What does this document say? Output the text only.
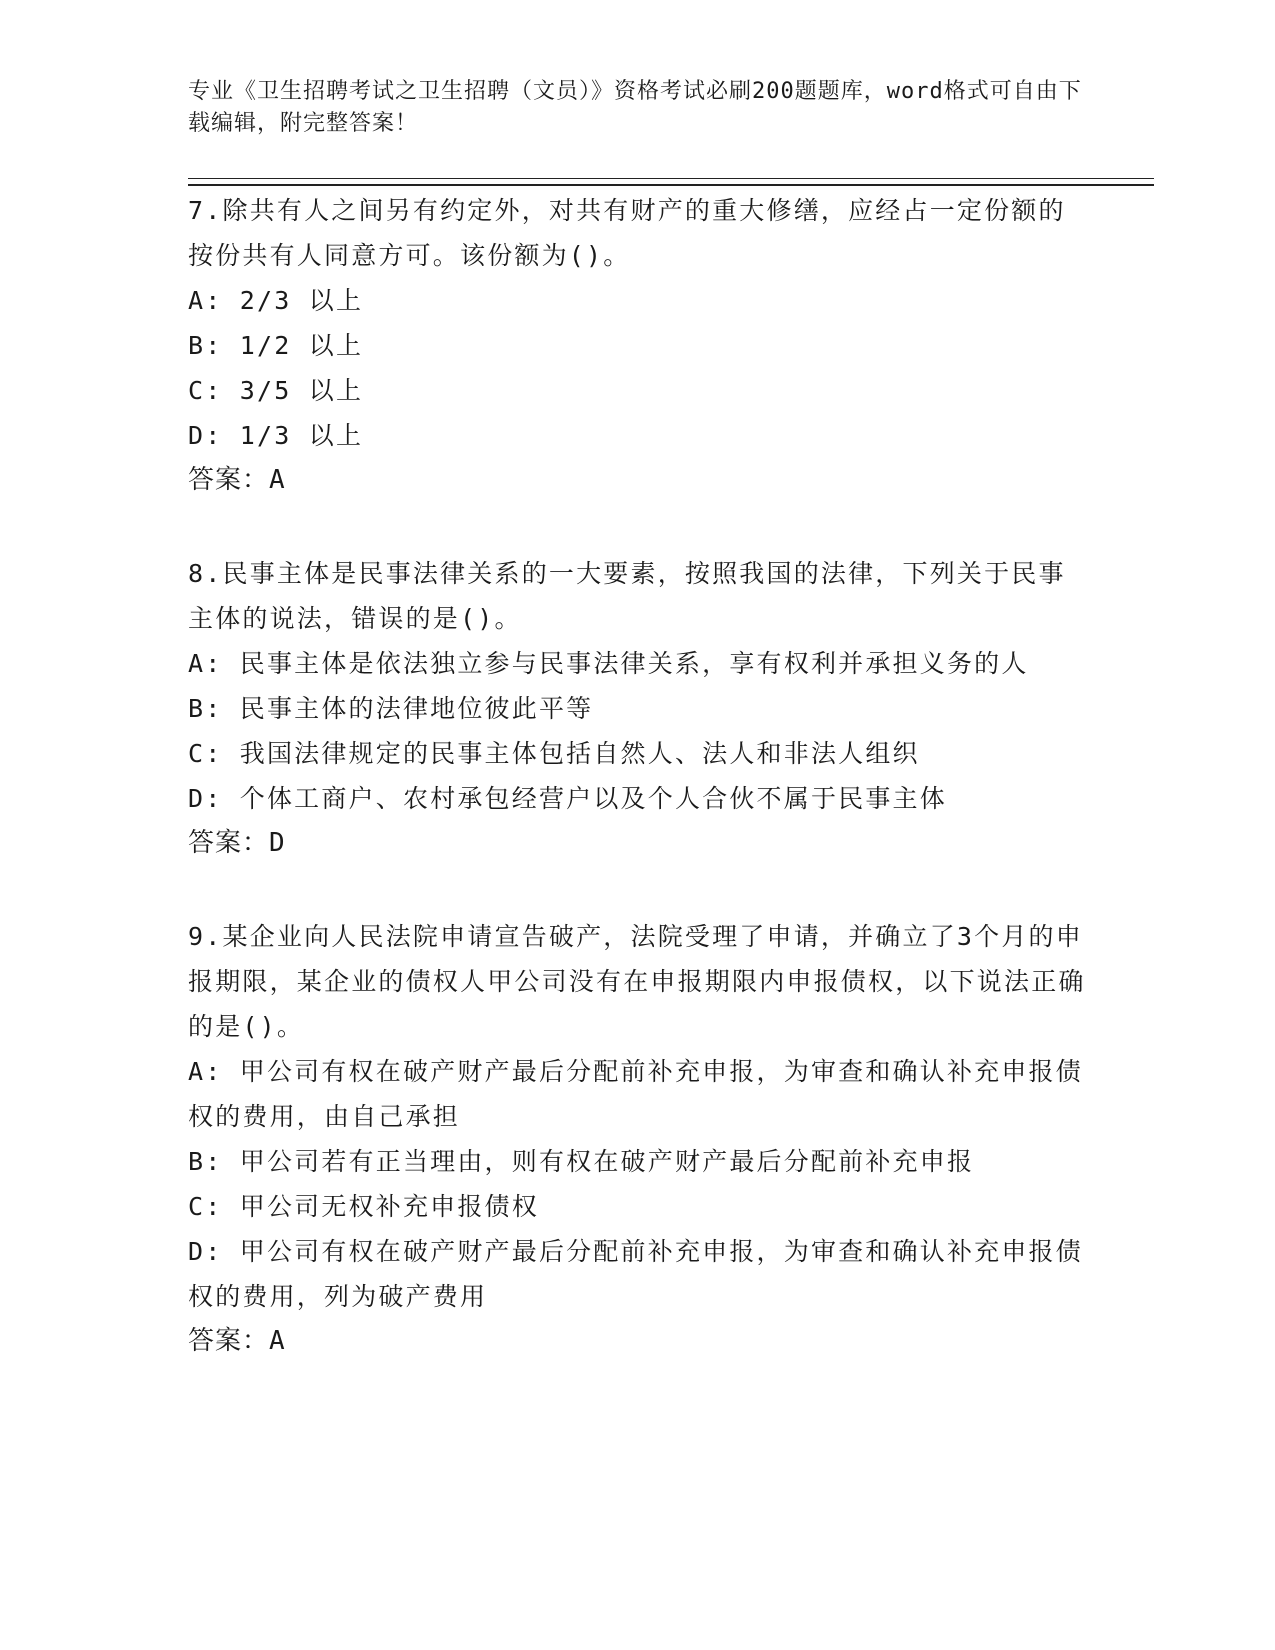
专业《卫生招聘考试之卫生招聘（文员）》资格考试必刷200题题库，word格式可自由下载编辑，附完整答案！

7.除共有人之间另有约定外，对共有财产的重大修缮，应经占一定份额的按份共有人同意方可。该份额为()。

A: 2/3 以上

B: 1/2 以上

C: 3/5 以上

D: 1/3 以上

答案：A

8.民事主体是民事法律关系的一大要素，按照我国的法律，下列关于民事主体的说法，错误的是()。

A: 民事主体是依法独立参与民事法律关系，享有权利并承担义务的人

B: 民事主体的法律地位彼此平等

C: 我国法律规定的民事主体包括自然人、法人和非法人组织

D: 个体工商户、农村承包经营户以及个人合伙不属于民事主体

答案：D

9.某企业向人民法院申请宣告破产，法院受理了申请，并确立了3个月的申报期限，某企业的债权人甲公司没有在申报期限内申报债权，以下说法正确的是()。

A: 甲公司有权在破产财产最后分配前补充申报，为审查和确认补充申报债权的费用，由自己承担

B: 甲公司若有正当理由，则有权在破产财产最后分配前补充申报

C: 甲公司无权补充申报债权

D: 甲公司有权在破产财产最后分配前补充申报，为审查和确认补充申报债权的费用，列为破产费用

答案：A
